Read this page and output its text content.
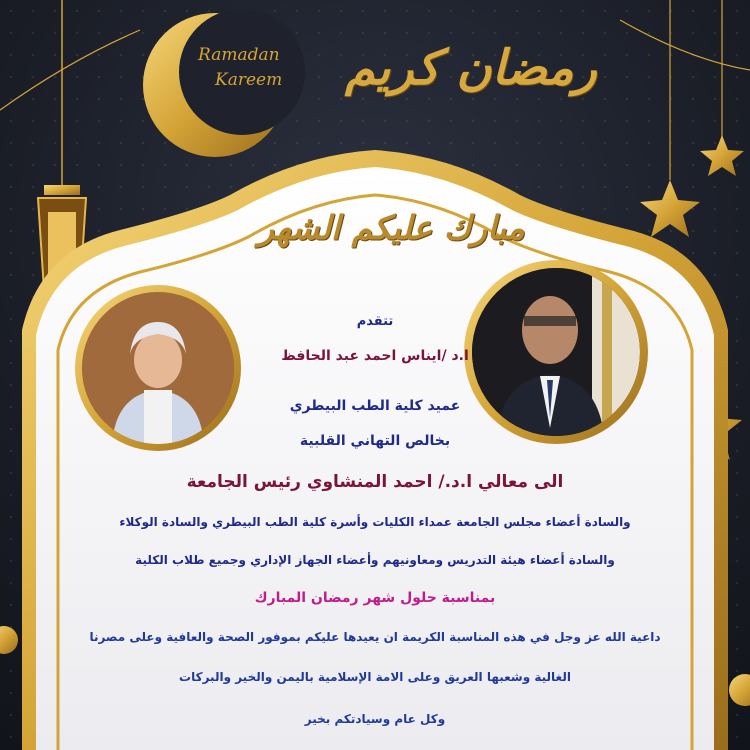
Ramadan
Kareem رمضان كريم
مبارك عليكم الشهر
تتقدم
ا.د /ايناس احمد عبد الحافظ
عميد كلية الطب البيطري
بخالص التهاني القلبية
الى معالي ا.د./ احمد المنشاوي رئيس الجامعة
والسادة أعضاء مجلس الجامعة عمداء الكليات وأسرة كلية الطب البيطري والسادة الوكلاء
والسادة أعضاء هيئة التدريس ومعاونيهم وأعضاء الجهاز الإداري وجميع طلاب الكلية
بمناسبة حلول شهر رمضان المبارك
داعية الله عز وجل في هذه المناسبة الكريمة ان يعيدها عليكم بموفور الصحة والعافية وعلى مصرنا
الغالية وشعبها العريق وعلى الامة الإسلامية باليمن والخير والبركات
وكل عام وسيادتكم بخير
